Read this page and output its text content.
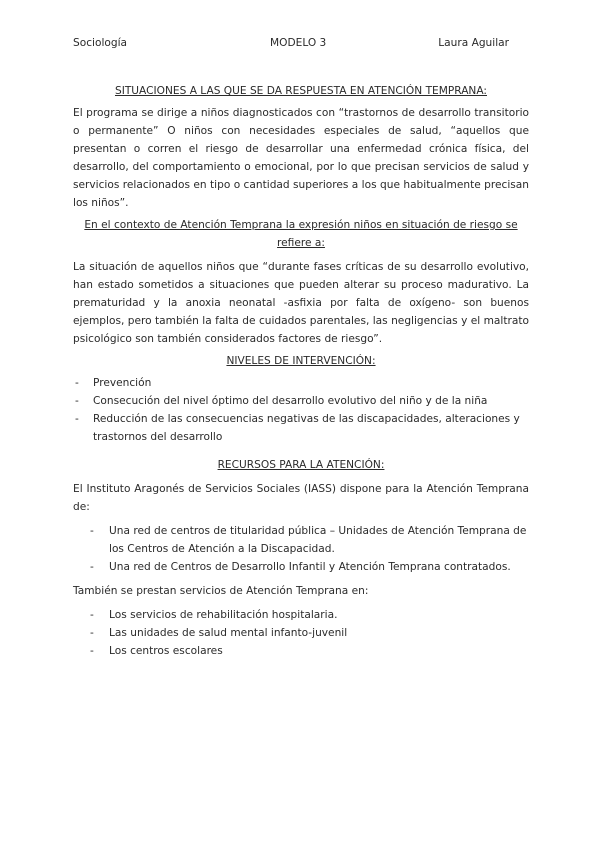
Sociología	MODELO 3	Laura Aguilar

SITUACIONES A LAS QUE SE DA RESPUESTA EN ATENCIÓN TEMPRANA:

El programa se dirige a niños diagnosticados con “trastornos de desarrollo transitorio o permanente” O niños con necesidades especiales de salud, “aquellos que presentan o corren el riesgo de desarrollar una enfermedad crónica física, del desarrollo, del comportamiento o emocional, por lo que precisan servicios de salud y servicios relacionados en tipo o cantidad superiores a los que habitualmente precisan los niños”.

En el contexto de Atención Temprana la expresión niños en situación de riesgo se refiere a:

La situación de aquellos niños que “durante fases críticas de su desarrollo evolutivo, han estado sometidos a situaciones que pueden alterar su proceso madurativo. La prematuridad y la anoxia neonatal -asfixia por falta de oxígeno- son buenos ejemplos, pero también la falta de cuidados parentales, las negligencias y el maltrato psicológico son también considerados factores de riesgo”.

NIVELES DE INTERVENCIÓN:

- Prevención
- Consecución del nivel óptimo del desarrollo evolutivo del niño y de la niña
- Reducción de las consecuencias negativas de las discapacidades, alteraciones y trastornos del desarrollo

RECURSOS PARA LA ATENCIÓN:

El Instituto Aragonés de Servicios Sociales (IASS) dispone para la Atención Temprana de:

- Una red de centros de titularidad pública – Unidades de Atención Temprana de los Centros de Atención a la Discapacidad.
- Una red de Centros de Desarrollo Infantil y Atención Temprana contratados.

También se prestan servicios de Atención Temprana en:

- Los servicios de rehabilitación hospitalaria.
- Las unidades de salud mental infanto-juvenil
- Los centros escolares
